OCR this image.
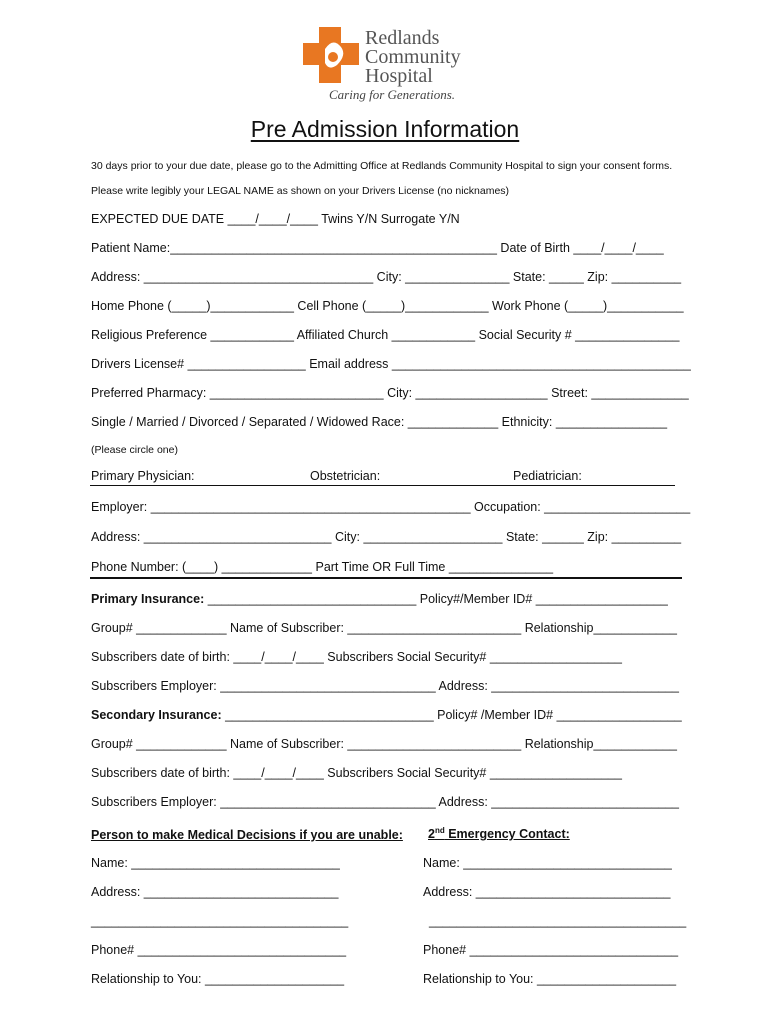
Redlands
Community
Hospital
Caring for Generations.
Pre Admission Information
30 days prior to your due date, please go to the Admitting Office at Redlands Community Hospital to sign your consent forms.
Please write legibly your LEGAL NAME as shown on your Drivers License (no nicknames)
EXPECTED DUE DATE ____/____/____ Twins Y/N Surrogate Y/N
Patient Name:_______________________________________________ Date of Birth ____/____/____
Address: _________________________________ City: _______________ State: _____ Zip: __________
Home Phone (_____)____________ Cell Phone (_____)____________ Work Phone (_____)___________
Religious Preference ____________ Affiliated Church ____________ Social Security # _______________
Drivers License# _________________ Email address ___________________________________________
Preferred Pharmacy: _________________________ City: ___________________ Street: ______________
Single / Married / Divorced / Separated / Widowed Race: _____________ Ethnicity: ________________
(Please circle one)
Primary Physician:	Obstetrician:	Pediatrician:
Employer: ______________________________________________ Occupation: _____________________
Address: ___________________________ City: ____________________ State: ______ Zip: __________
Phone Number: (____) _____________ Part Time OR Full Time _______________
Primary Insurance: ______________________________ Policy#/Member ID# ___________________
Group# _____________ Name of Subscriber: _________________________ Relationship____________
Subscribers date of birth: ____/____/____ Subscribers Social Security# ___________________
Subscribers Employer: _______________________________ Address: ___________________________
Secondary Insurance: ______________________________ Policy# /Member ID# __________________
Group# _____________ Name of Subscriber: _________________________ Relationship____________
Subscribers date of birth: ____/____/____ Subscribers Social Security# ___________________
Subscribers Employer: _______________________________ Address: ___________________________
Person to make Medical Decisions if you are unable: 2nd Emergency Contact:
Name: ______________________________	Name: ______________________________
Address: ____________________________	Address: ____________________________
_____________________________________	_____________________________________
Phone# ______________________________	Phone# ______________________________
Relationship to You: ____________________	Relationship to You: ____________________
